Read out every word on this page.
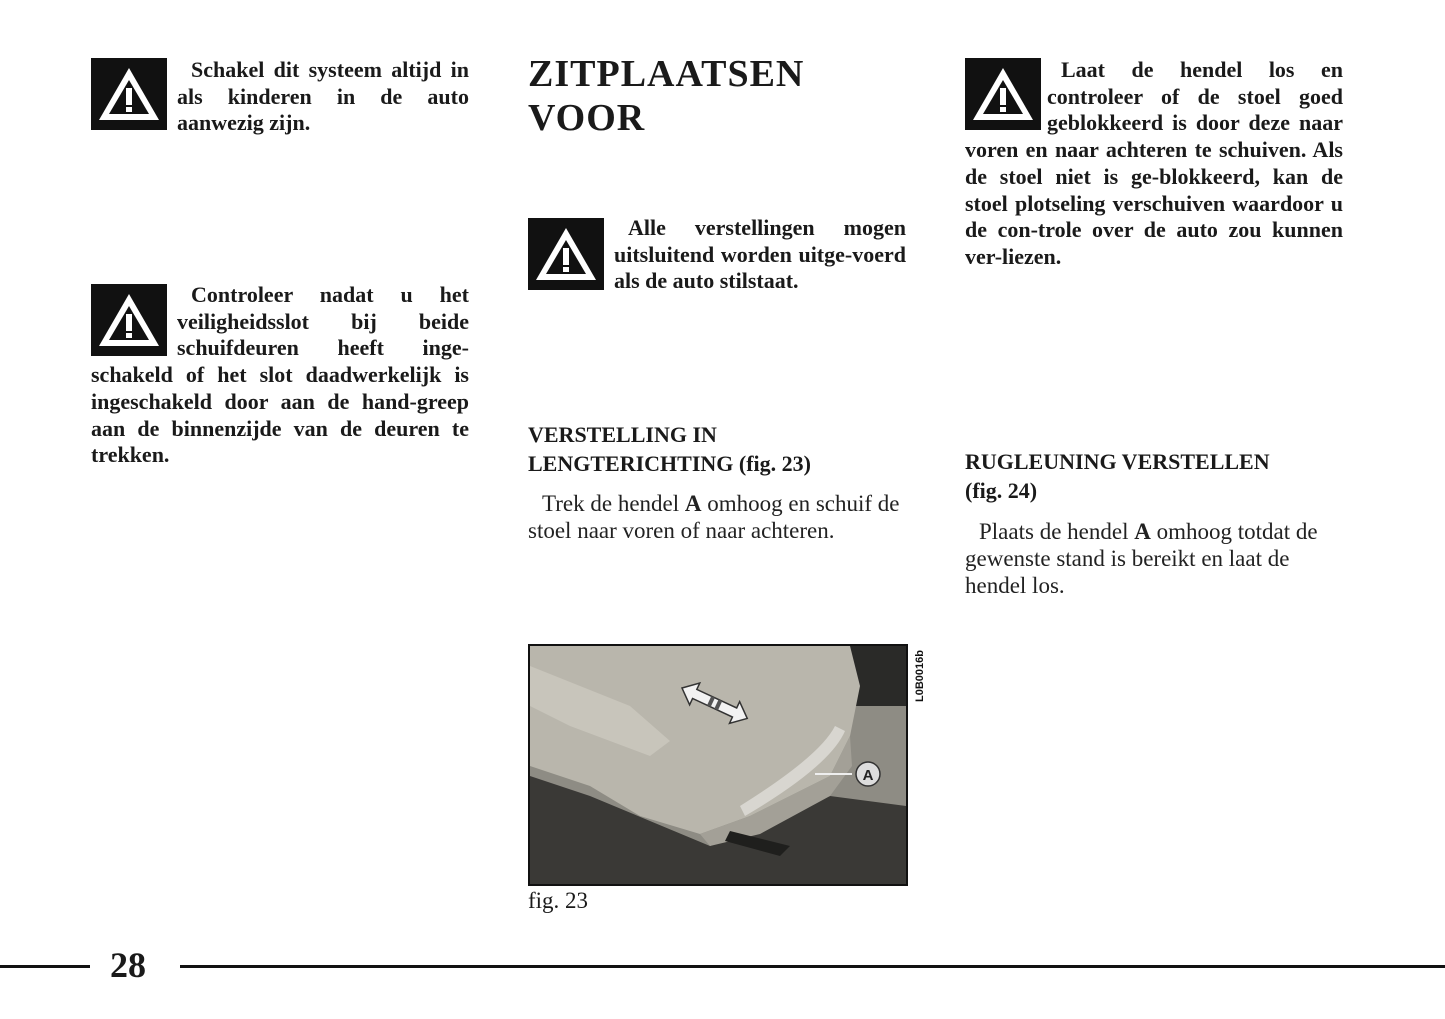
Schakel dit systeem altijd in als kinderen in de auto aanwezig zijn.
Controleer nadat u het veiligheidsslot bij beide schuifdeuren heeft inge-schakeld of het slot daadwerkelijk is ingeschakeld door aan de hand-greep aan de binnenzijde van de deuren te trekken.
ZITPLAATSEN
VOOR
Alle verstellingen mogen uitsluitend worden uitge-voerd als de auto stilstaat.
VERSTELLING IN
LENGTERICHTING (fig. 23)
Trek de hendel A omhoog en schuif de stoel naar voren of naar achteren.
A
L0B0016b
fig. 23
Laat de hendel los en controleer of de stoel goed geblokkeerd is door deze naar voren en naar achteren te schuiven. Als de stoel niet is ge-blokkeerd, kan de stoel plotseling verschuiven waardoor u de con-trole over de auto zou kunnen ver-liezen.
RUGLEUNING VERSTELLEN
(fig. 24)
Plaats de hendel A omhoog totdat de gewenste stand is bereikt en laat de hendel los.
28
